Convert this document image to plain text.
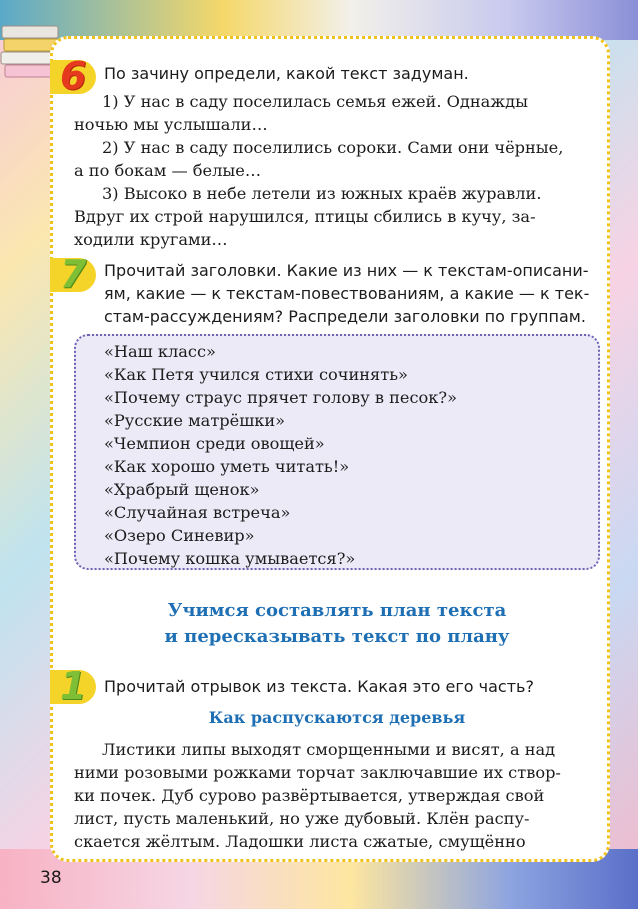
38
6 По зачину определи, какой текст задуман.
1) У нас в саду поселилась семья ежей. Однажды
ночью мы услышали…
2) У нас в саду поселились сороки. Сами они чёрные,
а по бокам — белые…
3) Высоко в небе летели из южных краёв журавли.
Вдруг их строй нарушился, птицы сбились в кучу, за-
ходили кругами…
7 Прочитай заголовки. Какие из них — к текстам-описани-
ям, какие — к текстам-повествованиям, а какие — к тек-
стам-рассуждениям? Распредели заголовки по группам.
«Наш класс»
«Как Петя учился стихи сочинять»
«Почему страус прячет голову в песок?»
«Русские матрёшки»
«Чемпион среди овощей»
«Как хорошо уметь читать!»
«Храбрый щенок»
«Случайная встреча»
«Озеро Синевир»
«Почему кошка умывается?»
Учимся составлять план текста
и пересказывать текст по плану
1 Прочитай отрывок из текста. Какая это его часть?
Как распускаются деревья
Листики липы выходят сморщенными и висят, а над
ними розовыми рожками торчат заключавшие их створ-
ки почек. Дуб сурово развёртывается, утверждая свой
лист, пусть маленький, но уже дубовый. Клён распу-
скается жёлтым. Ладошки листа сжатые, смущённо
